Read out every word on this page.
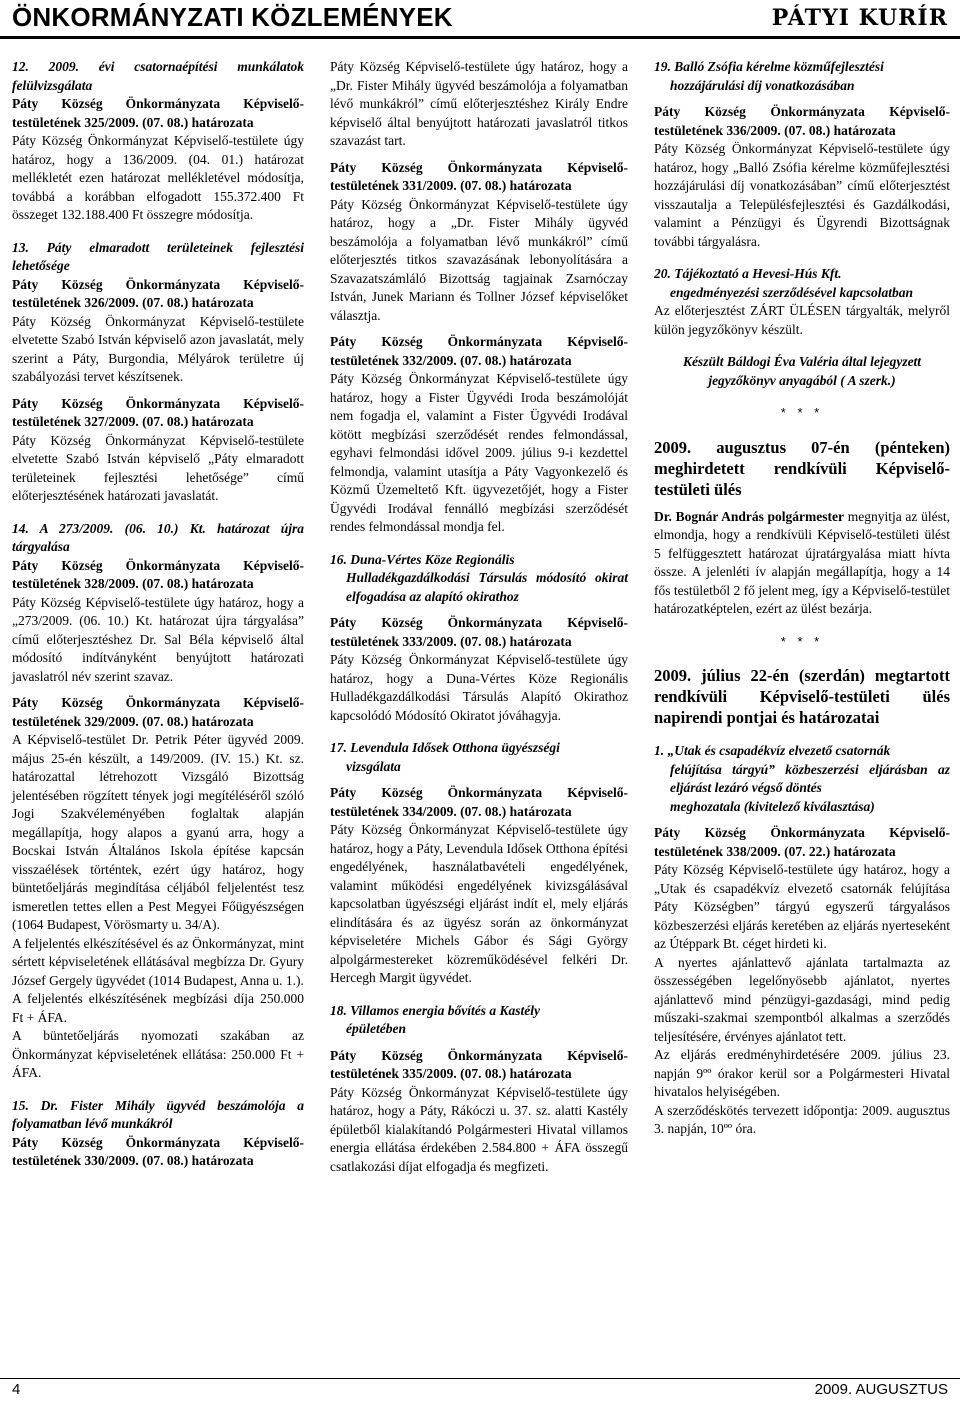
ÖNKORMÁNYZATI KÖZLEMÉNYEK	PÁTYI KURÍR

12. 2009. évi csatornaépítési munkálatok felülvizsgálata

Páty Község Önkormányzata Képviselő-testületének 325/2009. (07. 08.) határozata

Páty Község Önkormányzat Képviselő-testülete úgy határoz, hogy a 136/2009. (04. 01.) határozat mellékletét ezen határozat mellékletével módosítja, továbbá a korábban elfogadott 155.372.400 Ft összeget 132.188.400 Ft összegre módosítja.

13. Páty elmaradott területeinek fejlesztési lehetősége

Páty Község Önkormányzata Képviselő-testületének 326/2009. (07. 08.) határozata

Páty Község Önkormányzat Képviselő-testülete elvetette Szabó István képviselő azon javaslatát, mely szerint a Páty, Burgondia, Mélyárok területre új szabályozási tervet készítsenek.

Páty Község Önkormányzata Képviselő-testületének 327/2009. (07. 08.) határozata

Páty Község Önkormányzat Képviselő-testülete elvetette Szabó István képviselő „Páty elmaradott területeinek fejlesztési lehetősége” című előterjesztésének határozati javaslatát.

14. A 273/2009. (06. 10.) Kt. határozat újra tárgyalása

Páty Község Önkormányzata Képviselő-testületének 328/2009. (07. 08.) határozata

Páty Község Képviselő-testülete úgy határoz, hogy a „273/2009. (06. 10.) Kt. határozat újra tárgyalása” című előterjesztéshez Dr. Sal Béla képviselő által módosító indítványként benyújtott határozati javaslatról név szerint szavaz.

Páty Község Önkormányzata Képviselő-testületének 329/2009. (07. 08.) határozata

A Képviselő-testület Dr. Petrik Péter ügyvéd 2009. május 25-én készült, a 149/2009. (IV. 15.) Kt. sz. határozattal létrehozott Vizsgáló Bizottság jelentésében rögzített tények jogi megítéléséről szóló Jogi Szakvéleményében foglaltak alapján megállapítja, hogy alapos a gyanú arra, hogy a Bocskai István Általános Iskola építése kapcsán visszaélések történtek, ezért úgy határoz, hogy büntetőeljárás megindítása céljából feljelentést tesz ismeretlen tettes ellen a Pest Megyei Főügyészségen (1064 Budapest, Vörösmarty u. 34/A).

A feljelentés elkészítésével és az Önkormányzat, mint sértett képviseletének ellátásával megbízza Dr. Gyury József Gergely ügyvédet (1014 Budapest, Anna u. 1.).

A feljelentés elkészítésének megbízási díja 250.000 Ft + ÁFA.

A büntetőeljárás nyomozati szakában az Önkormányzat képviseletének ellátása: 250.000 Ft + ÁFA.

15. Dr. Fister Mihály ügyvéd beszámolója a folyamatban lévő munkákról

Páty Község Önkormányzata Képviselő-testületének 330/2009. (07. 08.) határozata

Páty Község Képviselő-testülete úgy határoz, hogy a „Dr. Fister Mihály ügyvéd beszámolója a folyamatban lévő munkákról” című előterjesztéshez Király Endre képviselő által benyújtott határozati javaslatról titkos szavazást tart.

Páty Község Önkormányzata Képviselő-testületének 331/2009. (07. 08.) határozata

Páty Község Önkormányzat Képviselő-testülete úgy határoz, hogy a „Dr. Fister Mihály ügyvéd beszámolója a folyamatban lévő munkákról” című előterjesztés titkos szavazásának lebonyolítására a Szavazatszámláló Bizottság tagjainak Zsarnóczay István, Junek Mariann és Tollner József képviselőket választja.

Páty Község Önkormányzata Képviselő-testületének 332/2009. (07. 08.) határozata

Páty Község Önkormányzat Képviselő-testülete úgy határoz, hogy a Fister Ügyvédi Iroda beszámolóját nem fogadja el, valamint a Fister Ügyvédi Irodával kötött megbízási szerződését rendes felmondással, egyhavi felmondási idővel 2009. július 9-i kezdettel felmondja, valamint utasítja a Páty Vagyonkezelő és Közmű Üzemeltető Kft. ügyvezetőjét, hogy a Fister Ügyvédi Irodával fennálló megbízási szerződését rendes felmondással mondja fel.

16. Duna-Vértes Köze Regionális
Hulladékgazdálkodási Társulás módosító okirat elfogadása az alapító okirathoz

Páty Község Önkormányzata Képviselő-testületének 333/2009. (07. 08.) határozata

Páty Község Önkormányzat Képviselő-testülete úgy határoz, hogy a Duna-Vértes Köze Regionális Hulladékgazdálkodási Társulás Alapító Okirathoz kapcsolódó Módosító Okiratot jóváhagyja.

17. Levendula Idősek Otthona ügyészségi
vizsgálata

Páty Község Önkormányzata Képviselő-testületének 334/2009. (07. 08.) határozata

Páty Község Önkormányzat Képviselő-testülete úgy határoz, hogy a Páty, Levendula Idősek Otthona építési engedélyének, használatbavételi engedélyének, valamint működési engedélyének kivizsgálásával kapcsolatban ügyészségi eljárást indít el, mely eljárás elindítására és az ügyész során az önkormányzat képviseletére Michels Gábor és Sági György alpolgármestereket közreműködésével felkéri Dr. Hercegh Margit ügyvédet.

18. Villamos energia bővítés a Kastély
épületében

Páty Község Önkormányzata Képviselő-testületének 335/2009. (07. 08.) határozata

Páty Község Önkormányzat Képviselő-testülete úgy határoz, hogy a Páty, Rákóczi u. 37. sz. alatti Kastély épületből kialakítandó Polgármesteri Hivatal villamos energia ellátása érdekében 2.584.800 + ÁFA összegű csatlakozási díjat elfogadja és megfizeti.

19. Balló Zsófia kérelme közműfejlesztési
hozzájárulási díj vonatkozásában

Páty Község Önkormányzata Képviselő-testületének 336/2009. (07. 08.) határozata

Páty Község Önkormányzat Képviselő-testülete úgy határoz, hogy „Balló Zsófia kérelme közműfejlesztési hozzájárulási díj vonatkozásában” című előterjesztést visszautalja a Településfejlesztési és Gazdálkodási, valamint a Pénzügyi és Ügyrendi Bizottságnak további tárgyalásra.

20. Tájékoztató a Hevesi-Hús Kft.
engedményezési szerződésével kapcsolatban

Az előterjesztést ZÁRT ÜLÉSEN tárgyalták, melyről külön jegyzőkönyv készült.

Készült Báldogi Éva Valéria által lejegyzett jegyzőkönyv anyagából ( A szerk.)

* * *

2009. augusztus 07-én (pénteken) meghirdetett rendkívüli Képviselő-testületi ülés

Dr. Bognár András polgármester megnyitja az ülést, elmondja, hogy a rendkívüli Képviselő-testületi ülést 5 felfüggesztett határozat újratárgyalása miatt hívta össze. A jelenléti ív alapján megállapítja, hogy a 14 fős testületből 2 fő jelent meg, így a Képviselő-testület határozatképtelen, ezért az ülést bezárja.

* * *

2009. július 22-én (szerdán) megtartott rendkívüli Képviselő-testületi ülés napirendi pontjai és határozatai

1. „Utak és csapadékvíz elvezető csatornák
felújítása tárgyú” közbeszerzési eljárásban az eljárást lezáró végső döntés
meghozatala (kivitelező kiválasztása)

Páty Község Önkormányzata Képviselő-testületének 338/2009. (07. 22.) határozata

Páty Község Képviselő-testülete úgy határoz, hogy a „Utak és csapadékvíz elvezető csatornák felújítása Páty Községben” tárgyú egyszerű tárgyalásos közbeszerzési eljárás keretében az eljárás nyerteseként az Útéppark Bt. céget hirdeti ki.

A nyertes ajánlattevő ajánlata tartalmazta az összességében legelőnyösebb ajánlatot, nyertes ajánlattevő mind pénzügyi-gazdasági, mind pedig műszaki-szakmai szempontból alkalmas a szerződés teljesítésére, érvényes ajánlatot tett.

Az eljárás eredményhirdetésére 2009. július 23. napján 9ºº órakor kerül sor a Polgármesteri Hivatal hivatalos helyiségében.

A szerződéskötés tervezett időpontja: 2009. augusztus 3. napján, 10ºº óra.

4	2009. AUGUSZTUS
